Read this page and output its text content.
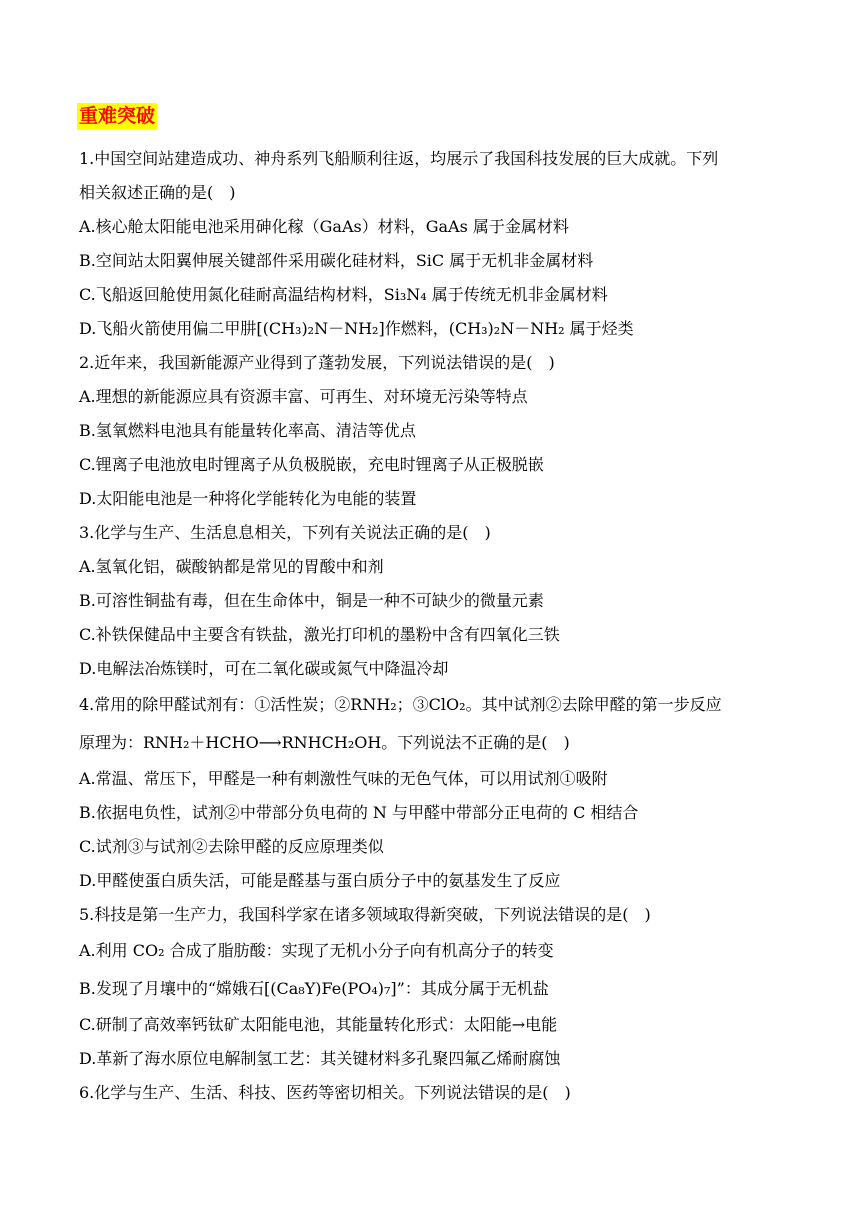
重难突破
1.中国空间站建造成功、神舟系列飞船顺利往返，均展示了我国科技发展的巨大成就。下列
相关叙述正确的是(　)
A.核心舱太阳能电池采用砷化稼（GaAs）材料，GaAs 属于金属材料
B.空间站太阳翼伸展关键部件采用碳化硅材料，SiC 属于无机非金属材料
C.飞船返回舱使用氮化硅耐高温结构材料，Si₃N₄ 属于传统无机非金属材料
D.飞船火箭使用偏二甲肼[(CH₃)₂N－NH₂]作燃料，(CH₃)₂N－NH₂ 属于烃类
2.近年来，我国新能源产业得到了蓬勃发展，下列说法错误的是(　)
A.理想的新能源应具有资源丰富、可再生、对环境无污染等特点
B.氢氧燃料电池具有能量转化率高、清洁等优点
C.锂离子电池放电时锂离子从负极脱嵌，充电时锂离子从正极脱嵌
D.太阳能电池是一种将化学能转化为电能的装置
3.化学与生产、生活息息相关，下列有关说法正确的是(　)
A.氢氧化铝，碳酸钠都是常见的胃酸中和剂
B.可溶性铜盐有毒，但在生命体中，铜是一种不可缺少的微量元素
C.补铁保健品中主要含有铁盐，激光打印机的墨粉中含有四氧化三铁
D.电解法冶炼镁时，可在二氧化碳或氮气中降温冷却
4.常用的除甲醛试剂有：①活性炭；②RNH₂；③ClO₂。其中试剂②去除甲醛的第一步反应
原理为：RNH₂＋HCHO⟶RNHCH₂OH。下列说法不正确的是(　)
A.常温、常压下，甲醛是一种有刺激性气味的无色气体，可以用试剂①吸附
B.依据电负性，试剂②中带部分负电荷的 N 与甲醛中带部分正电荷的 C 相结合
C.试剂③与试剂②去除甲醛的反应原理类似
D.甲醛使蛋白质失活，可能是醛基与蛋白质分子中的氨基发生了反应
5.科技是第一生产力，我国科学家在诸多领域取得新突破，下列说法错误的是(　)
A.利用 CO₂ 合成了脂肪酸：实现了无机小分子向有机高分子的转变
B.发现了月壤中的“嫦娥石[(Ca₈Y)Fe(PO₄)₇]”：其成分属于无机盐
C.研制了高效率钙钛矿太阳能电池，其能量转化形式：太阳能→电能
D.革新了海水原位电解制氢工艺：其关键材料多孔聚四氟乙烯耐腐蚀
6.化学与生产、生活、科技、医药等密切相关。下列说法错误的是(　)
